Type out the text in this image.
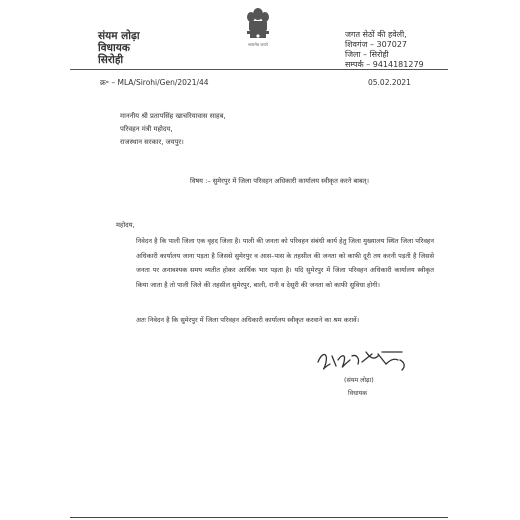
संयम लोढ़ा
विधायक
सिरोही
सत्यमेव जयते
जगत सेठों की हवेली,
शिवगंज – 307027
जिला – सिरोही
सम्पर्क – 9414181279
क्र॰ – MLA/Sirohi/Gen/2021/44	05.02.2021
माननीय श्री प्रतापसिंह खाचरियावास साहब,
परिवहन मंत्री महोदय,
राजस्थान सरकार, जयपुर।
विषय :– सुमेरपुर में जिला परिवहन अधिकारी कार्यालय स्वीकृत करने बाबत्।
महोदय,
निवेदन है कि पाली जिला एक वृहद जिला है। पाली की जनता को परिवहन संबंधी कार्य हेतु जिला मुख्यालय स्थित जिला परिवहन अधिकारी कार्यालय जाना पड़ता है जिससे सुमेरपुर व आस–पास के तहसील की जनता को काफी दूरी तय करनी पड़ती है जिससे जनता पर अनावश्यक समय व्यतीत होकर आर्थिक भार पड़ता है। यदि सुमेरपुर में जिला परिवहन अधिकारी कार्यालय स्वीकृत किया जाता है तो पाली जिले की तहसील सुमेरपुर, बाली, रानी व देसूरी की जनता को काफी सुविधा होगी।
अतः निवेदन है कि सुमेरपुर में जिला परिवहन अधिकारी कार्यालय स्वीकृत करवाने का श्रम करावें।
(संयम लोढ़ा)
विधायक
